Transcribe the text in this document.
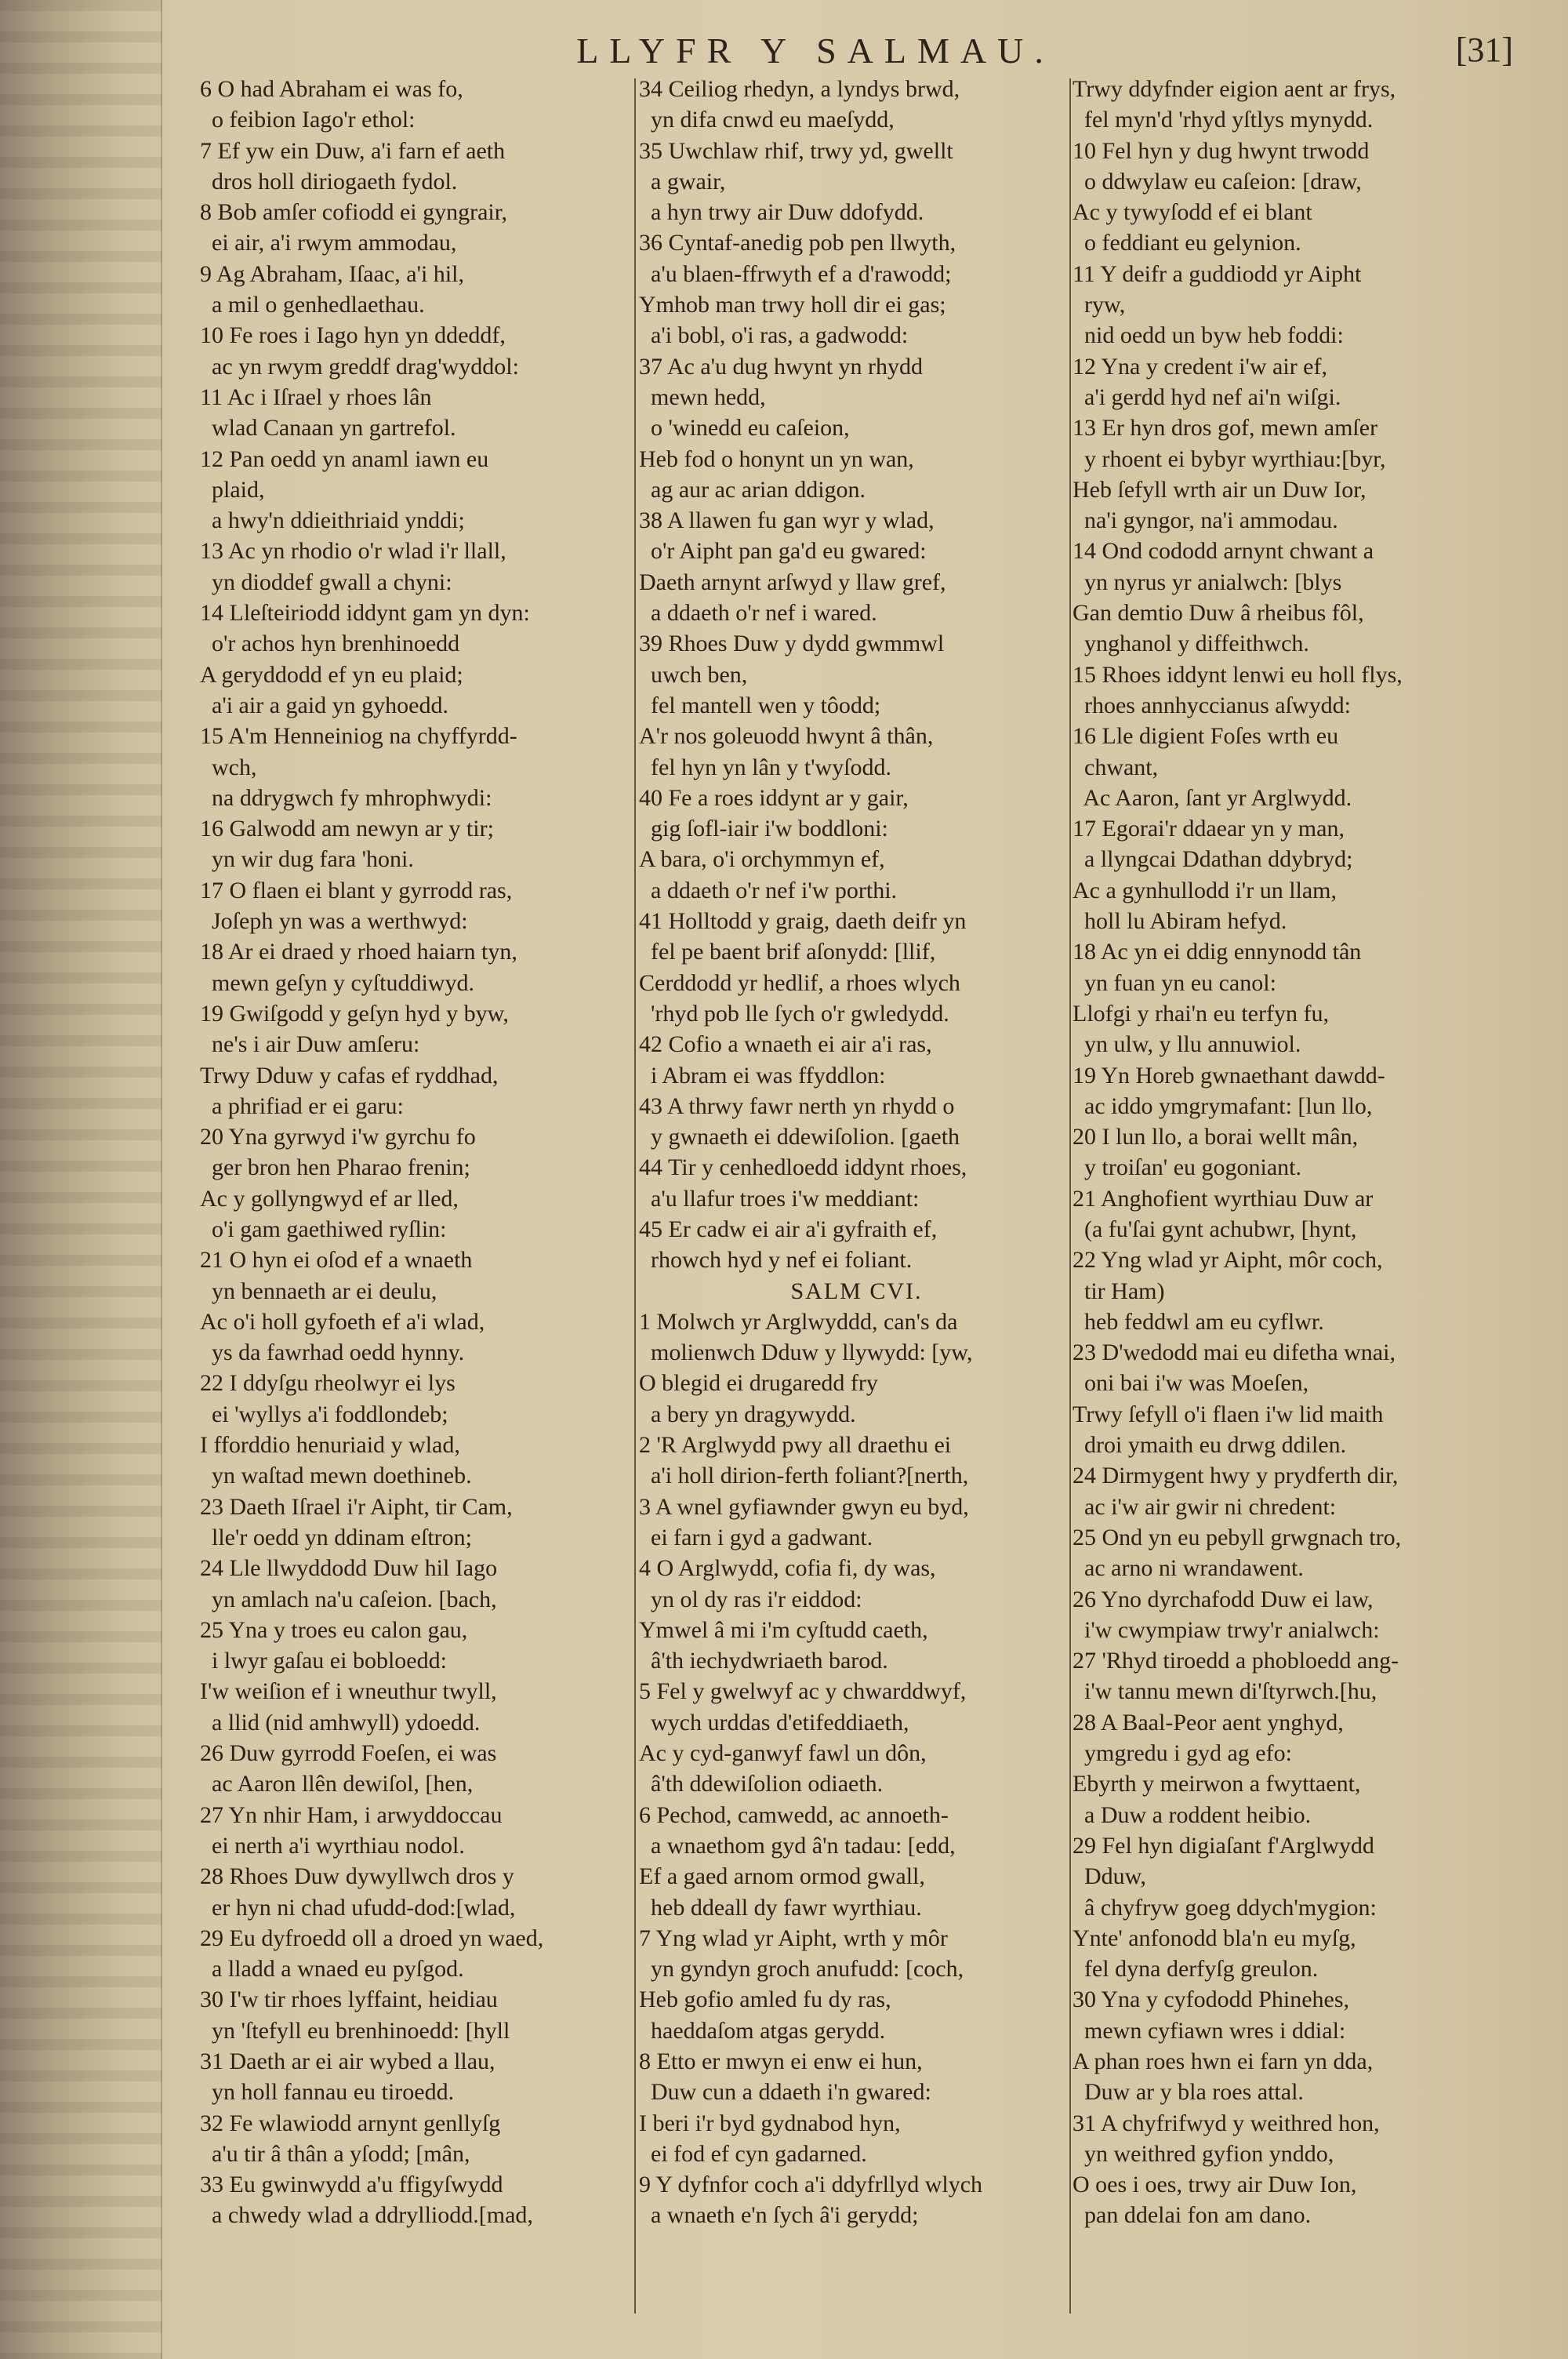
LLYFR Y SALMAU.	[31]
6 O had Abraham ei was fo,
o feibion Iago'r ethol:
7 Ef yw ein Duw, a'i farn ef aeth
dros holl diriogaeth fydol.
8 Bob amſer cofiodd ei gyngrair,
ei air, a'i rwym ammodau,
9 Ag Abraham, Iſaac, a'i hil,
a mil o genhedlaethau.
10 Fe roes i Iago hyn yn ddeddf,
ac yn rwym greddf drag'wyddol:
11 Ac i Iſrael y rhoes lân
wlad Canaan yn gartrefol.
12 Pan oedd yn anaml iawn eu
plaid,
a hwy'n ddieithriaid ynddi;
13 Ac yn rhodio o'r wlad i'r llall,
yn dioddef gwall a chyni:
14 Lleſteiriodd iddynt gam yn dyn:
o'r achos hyn brenhinoedd
A geryddodd ef yn eu plaid;
a'i air a gaid yn gyhoedd.
15 A'm Henneiniog na chyffyrdd-
wch,
na ddrygwch fy mhrophwydi:
16 Galwodd am newyn ar y tir;
yn wir dug fara 'honi.
17 O flaen ei blant y gyrrodd ras,
Joſeph yn was a werthwyd:
18 Ar ei draed y rhoed haiarn tyn,
mewn geſyn y cyſtuddiwyd.
19 Gwiſgodd y geſyn hyd y byw,
ne's i air Duw amſeru:
Trwy Dduw y cafas ef ryddhad,
a phrifiad er ei garu:
20 Yna gyrwyd i'w gyrchu fo
ger bron hen Pharao frenin;
Ac y gollyngwyd ef ar lled,
o'i gam gaethiwed ryſlin:
21 O hyn ei oſod ef a wnaeth
yn bennaeth ar ei deulu,
Ac o'i holl gyfoeth ef a'i wlad,
ys da fawrhad oedd hynny.
22 I ddyſgu rheolwyr ei lys
ei 'wyllys a'i foddlondeb;
I fforddio henuriaid y wlad,
yn waſtad mewn doethineb.
23 Daeth Iſrael i'r Aipht, tir Cam,
lle'r oedd yn ddinam eſtron;
24 Lle llwyddodd Duw hil Iago
yn amlach na'u caſeion. [bach,
25 Yna y troes eu calon gau,
i lwyr gaſau ei bobloedd:
I'w weiſion ef i wneuthur twyll,
a llid (nid amhwyll) ydoedd.
26 Duw gyrrodd Foeſen, ei was
ac Aaron llên dewiſol, [hen,
27 Yn nhir Ham, i arwyddoccau
ei nerth a'i wyrthiau nodol.
28 Rhoes Duw dywyllwch dros y
er hyn ni chad ufudd-dod:[wlad,
29 Eu dyfroedd oll a droed yn waed,
a lladd a wnaed eu pyſgod.
30 I'w tir rhoes lyffaint, heidiau
yn 'ſtefyll eu brenhinoedd: [hyll
31 Daeth ar ei air wybed a llau,
yn holl fannau eu tiroedd.
32 Fe wlawiodd arnynt genllyſg
a'u tir â thân a yſodd; [mân,
33 Eu gwinwydd a'u ffigyſwydd
a chwedy wlad a ddrylliodd.[mad,
34 Ceiliog rhedyn, a lyndys brwd,
yn difa cnwd eu maeſydd,
35 Uwchlaw rhif, trwy yd, gwellt
a gwair,
a hyn trwy air Duw ddofydd.
36 Cyntaf-anedig pob pen llwyth,
a'u blaen-ffrwyth ef a d'rawodd;
Ymhob man trwy holl dir ei gas;
a'i bobl, o'i ras, a gadwodd:
37 Ac a'u dug hwynt yn rhydd
mewn hedd,
o 'winedd eu caſeion,
Heb fod o honynt un yn wan,
ag aur ac arian ddigon.
38 A llawen fu gan wyr y wlad,
o'r Aipht pan ga'd eu gwared:
Daeth arnynt arſwyd y llaw gref,
a ddaeth o'r nef i wared.
39 Rhoes Duw y dydd gwmmwl
uwch ben,
fel mantell wen y tôodd;
A'r nos goleuodd hwynt â thân,
fel hyn yn lân y t'wyſodd.
40 Fe a roes iddynt ar y gair,
gig ſofl-iair i'w boddloni:
A bara, o'i orchymmyn ef,
a ddaeth o'r nef i'w porthi.
41 Holltodd y graig, daeth deifr yn
fel pe baent brif aſonydd: [llif,
Cerddodd yr hedlif, a rhoes wlych
'rhyd pob lle ſych o'r gwledydd.
42 Cofio a wnaeth ei air a'i ras,
i Abram ei was ffyddlon:
43 A thrwy fawr nerth yn rhydd o
y gwnaeth ei ddewiſolion. [gaeth
44 Tir y cenhedloedd iddynt rhoes,
a'u llafur troes i'w meddiant:
45 Er cadw ei air a'i gyfraith ef,
rhowch hyd y nef ei foliant.
SALM CVI.
1 Molwch yr Arglwyddd, can's da
molienwch Dduw y llywydd: [yw,
O blegid ei drugaredd fry
a bery yn dragywydd.
2 'R Arglwydd pwy all draethu ei
a'i holl dirion-ferth foliant?[nerth,
3 A wnel gyfiawnder gwyn eu byd,
ei farn i gyd a gadwant.
4 O Arglwydd, cofia fi, dy was,
yn ol dy ras i'r eiddod:
Ymwel â mi i'm cyſtudd caeth,
â'th iechydwriaeth barod.
5 Fel y gwelwyf ac y chwarddwyf,
wych urddas d'etifeddiaeth,
Ac y cyd-ganwyf fawl un dôn,
â'th ddewiſolion odiaeth.
6 Pechod, camwedd, ac annoeth-
a wnaethom gyd â'n tadau: [edd,
Ef a gaed arnom ormod gwall,
heb ddeall dy fawr wyrthiau.
7 Yng wlad yr Aipht, wrth y môr
yn gyndyn groch anufudd: [coch,
Heb gofio amled fu dy ras,
haeddaſom atgas gerydd.
8 Etto er mwyn ei enw ei hun,
Duw cun a ddaeth i'n gwared:
I beri i'r byd gydnabod hyn,
ei fod ef cyn gadarned.
9 Y dyfnfor coch a'i ddyfrllyd wlych
a wnaeth e'n ſych â'i gerydd;
Trwy ddyfnder eigion aent ar frys,
fel myn'd 'rhyd yſtlys mynydd.
10 Fel hyn y dug hwynt trwodd
o ddwylaw eu caſeion: [draw,
Ac y tywyſodd ef ei blant
o feddiant eu gelynion.
11 Y deifr a guddiodd yr Aipht
ryw,
nid oedd un byw heb foddi:
12 Yna y credent i'w air ef,
a'i gerdd hyd nef ai'n wiſgi.
13 Er hyn dros gof, mewn amſer
y rhoent ei bybyr wyrthiau:[byr,
Heb ſefyll wrth air un Duw Ior,
na'i gyngor, na'i ammodau.
14 Ond cododd arnynt chwant a
yn nyrus yr anialwch: [blys
Gan demtio Duw â rheibus fôl,
ynghanol y diffeithwch.
15 Rhoes iddynt lenwi eu holl flys,
rhoes annhyccianus aſwydd:
16 Lle digient Foſes wrth eu
chwant,
Ac Aaron, ſant yr Arglwydd.
17 Egorai'r ddaear yn y man,
a llyngcai Ddathan ddybryd;
Ac a gynhullodd i'r un llam,
holl lu Abiram hefyd.
18 Ac yn ei ddig ennynodd tân
yn fuan yn eu canol:
Llofgi y rhai'n eu terfyn fu,
yn ulw, y llu annuwiol.
19 Yn Horeb gwnaethant dawdd-
ac iddo ymgrymafant: [lun llo,
20 I lun llo, a borai wellt mân,
y troiſan' eu gogoniant.
21 Anghofient wyrthiau Duw ar
(a fu'ſai gynt achubwr, [hynt,
22 Yng wlad yr Aipht, môr coch,
tir Ham)
heb feddwl am eu cyflwr.
23 D'wedodd mai eu difetha wnai,
oni bai i'w was Moeſen,
Trwy ſefyll o'i flaen i'w lid maith
droi ymaith eu drwg ddilen.
24 Dirmygent hwy y prydferth dir,
ac i'w air gwir ni chredent:
25 Ond yn eu pebyll grwgnach tro,
ac arno ni wrandawent.
26 Yno dyrchafodd Duw ei law,
i'w cwympiaw trwy'r anialwch:
27 'Rhyd tiroedd a phobloedd ang-
i'w tannu mewn di'ſtyrwch.[hu,
28 A Baal-Peor aent ynghyd,
ymgredu i gyd ag efo:
Ebyrth y meirwon a fwyttaent,
a Duw a roddent heibio.
29 Fel hyn digiaſant f'Arglwydd
Dduw,
â chyfryw goeg ddych'mygion:
Ynte' anfonodd bla'n eu myſg,
fel dyna derfyſg greulon.
30 Yna y cyfododd Phinehes,
mewn cyfiawn wres i ddial:
A phan roes hwn ei farn yn dda,
Duw ar y bla roes attal.
31 A chyfrifwyd y weithred hon,
yn weithred gyfion ynddo,
O oes i oes, trwy air Duw Ion,
pan ddelai fon am dano.
